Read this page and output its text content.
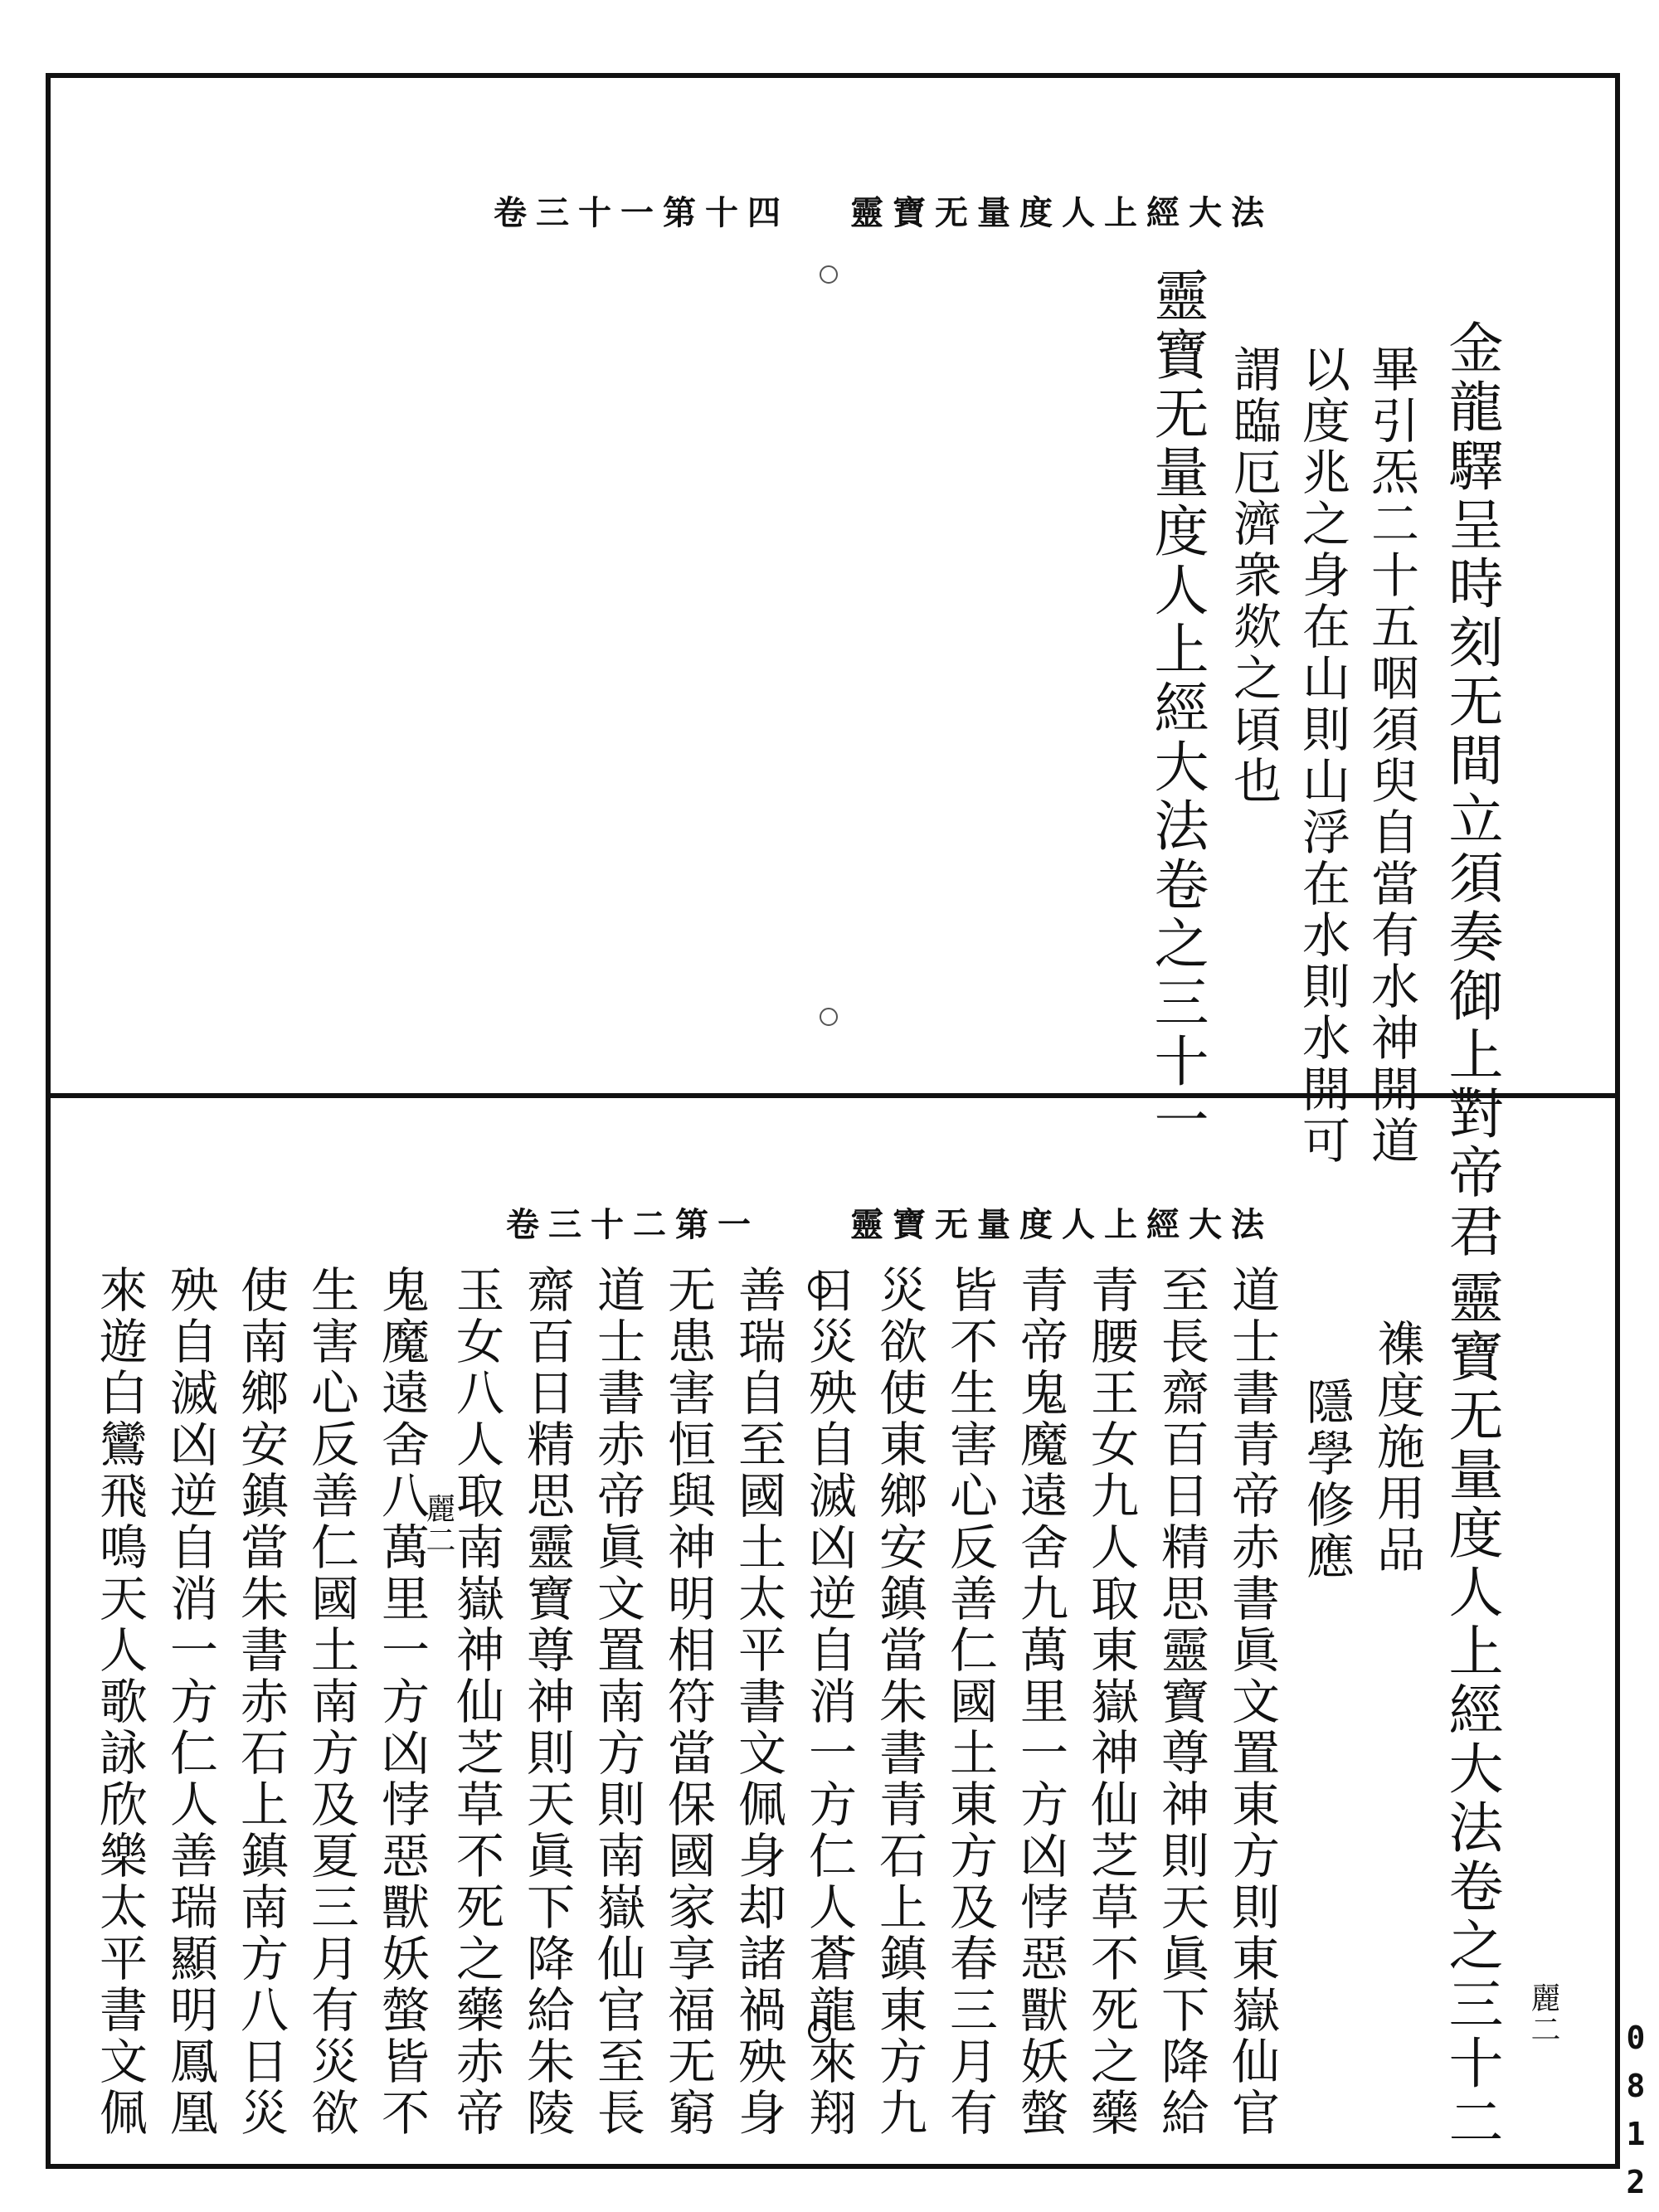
卷三十一第十四 靈寶无量度人上經大法
金龍驛呈時刻无間立須奏御上對帝君
畢引炁二十五咽須臾自當有水神開道
以度兆之身在山則山浮在水則水開可
謂臨厄濟衆欻之頃也
靈寶无量度人上經大法卷之三十一
卷三十二第一	靈寶无量度人上經大法
麗二
麗二	靈寶无量度人上經大法卷之三十二
襍度施用品
隱學修應
道士書青帝赤書眞文置東方則東嶽仙官
至長齋百日精思靈寶尊神則天眞下降給
青腰王女九人取東嶽神仙芝草不死之藥
青帝鬼魔遠舍九萬里一方凶悖惡獸妖螫
皆不生害心反善仁國土東方及春三月有
災欲使東鄉安鎮當朱書青石上鎮東方九
日災殃自滅凶逆自消一方仁人蒼龍來翔
善瑞自至國土太平書文佩身却諸禍殃身
无患害恒與神明相符當保國家享福无窮
道士書赤帝眞文置南方則南嶽仙官至長
齋百日精思靈寶尊神則天眞下降給朱陵
玉女八人取南嶽神仙芝草不死之藥赤帝
鬼魔遠舍八萬里一方凶悖惡獸妖螫皆不
生害心反善仁國土南方及夏三月有災欲
使南鄉安鎮當朱書赤石上鎮南方八日災
殃自滅凶逆自消一方仁人善瑞顯明鳳凰
來遊白鸞飛鳴天人歌詠欣樂太平書文佩	0812
